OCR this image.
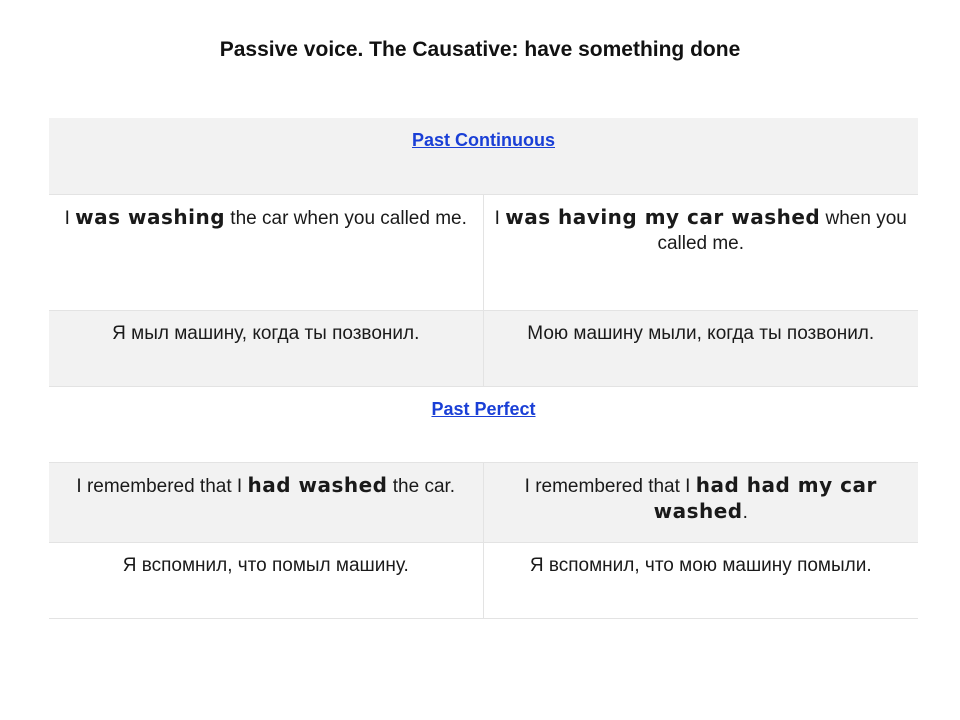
Passive voice. The Causative: have something done
Past Continuous	
I was washing the car when you called me.	I was having my car washed when you called me.
Я мыл машину, когда ты позвонил.	Мою машину мыли, когда ты позвонил.
Past Perfect	
I remembered that I had washed the car.	I remembered that I had had my car washed.
Я вспомнил, что помыл машину.	Я вспомнил, что мою машину помыли.
